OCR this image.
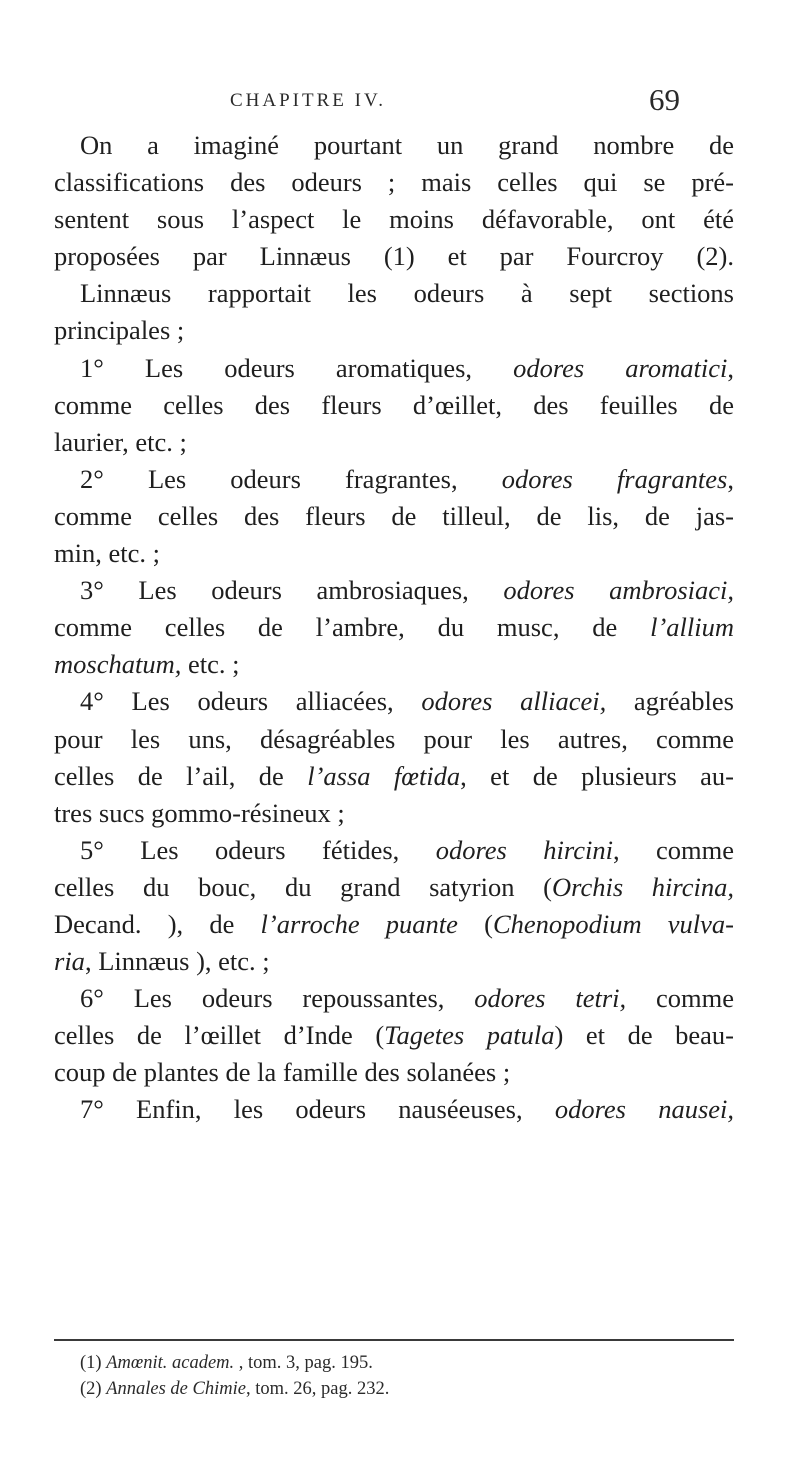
CHAPITRE IV.	69
On a imaginé pourtant un grand nombre de
classifications des odeurs ; mais celles qui se pré-
sentent sous l’aspect le moins défavorable, ont été
proposées par Linnæus (1) et par Fourcroy (2).
Linnæus rapportait les odeurs à sept sections
principales ;
1° Les odeurs aromatiques, odores aromatici,
comme celles des fleurs d’œillet, des feuilles de
laurier, etc. ;
2° Les odeurs fragrantes, odores fragrantes,
comme celles des fleurs de tilleul, de lis, de jas-
min, etc. ;
3° Les odeurs ambrosiaques, odores ambrosiaci,
comme celles de l’ambre, du musc, de l’allium
moschatum, etc. ;
4° Les odeurs alliacées, odores alliacei, agréables
pour les uns, désagréables pour les autres, comme
celles de l’ail, de l’assa fœtida, et de plusieurs au-
tres sucs gommo-résineux ;
5° Les odeurs fétides, odores hircini, comme
celles du bouc, du grand satyrion (Orchis hircina,
Decand. ), de l’arroche puante (Chenopodium vulva-
ria, Linnæus ), etc. ;
6° Les odeurs repoussantes, odores tetri, comme
celles de l’œillet d’Inde (Tagetes patula) et de beau-
coup de plantes de la famille des solanées ;
7° Enfin, les odeurs nauséeuses, odores nausei,
(1) Amœnit. academ. , tom. 3, pag. 195.
(2) Annales de Chimie, tom. 26, pag. 232.
